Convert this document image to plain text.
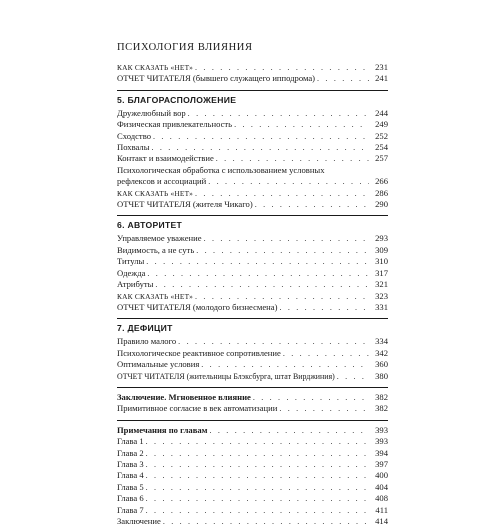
ПСИХОЛОГИЯ ВЛИЯНИЯ
КАК СКАЗАТЬ «НЕТ» . . .	231
ОТЧЕТ ЧИТАТЕЛЯ (бывшего служащего ипподрома) . . .	241
5. БЛАГОРАСПОЛОЖЕНИЕ
Дружелюбный вор . . .	244
Физическая привлекательность . . .	249
Сходство . . .	252
Похвалы . . .	254
Контакт и взаимодействие . . .	257
Психологическая обработка с использованием условных
рефлексов и ассоциаций . . .	266
КАК СКАЗАТЬ «НЕТ» . . .	286
ОТЧЕТ ЧИТАТЕЛЯ (жителя Чикаго) . . .	290
6. АВТОРИТЕТ
Управляемое уважение . . .	293
Видимость, а не суть . . .	309
Титулы . . .	310
Одежда . . .	317
Атрибуты . . .	321
КАК СКАЗАТЬ «НЕТ» . . .	323
ОТЧЕТ ЧИТАТЕЛЯ (молодого бизнесмена) . . .	331
7. ДЕФИЦИТ
Правило малого . . .	334
Психологическое реактивное сопротивление . . .	342
Оптимальные условия . . .	360
ОТЧЕТ ЧИТАТЕЛЯ (жительницы Блэксбурга, штат Вирджиния) . . .	380
Заключение. Мгновенное влияние . . .	382
Примитивное согласие в век автоматизации . . .	382
Примечания по главам . . .	393
Глава 1 . . .	393
Глава 2 . . .	394
Глава 3 . . .	397
Глава 4 . . .	400
Глава 5 . . .	404
Глава 6 . . .	408
Глава 7 . . .	411
Заключение . . .	414
